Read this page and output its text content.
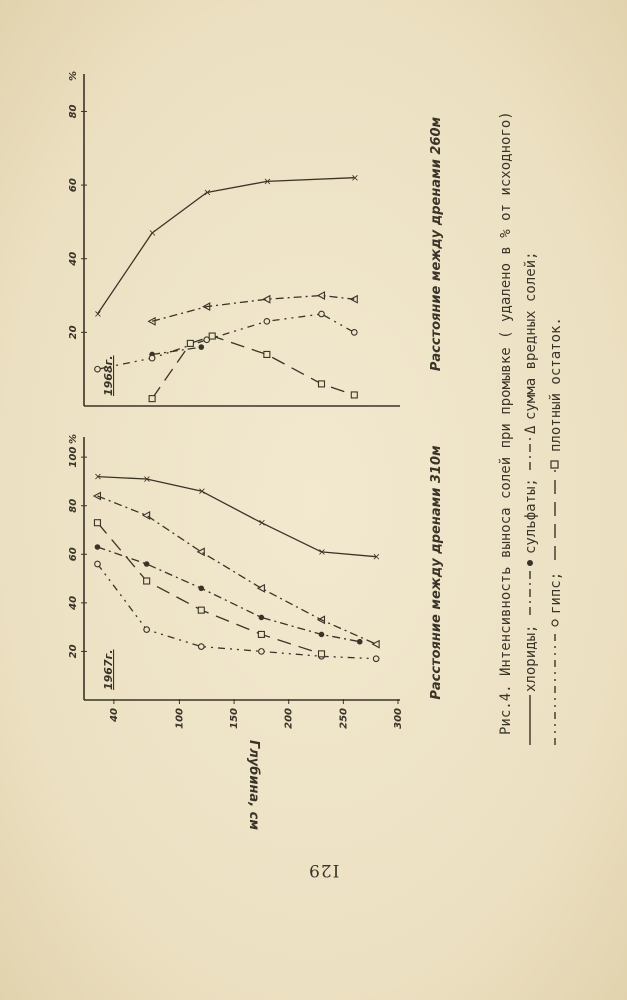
20
40
60
80
100
%
40	100	150	200	250	300
Глубина, см
Расстояние между дренами 310м
1967г.
×	×
×
×
×
×
20
40
60
80
%
Расстояние между дренами 260м
1968г.
×
×
×
×	×	Рис.4. Интенсивность выноса солей при промывке ( удалено в % от исходного) хлориды;
сульфаты;
Δ
сумма вредных солей;
гипс;
плотный остаток.
I29
